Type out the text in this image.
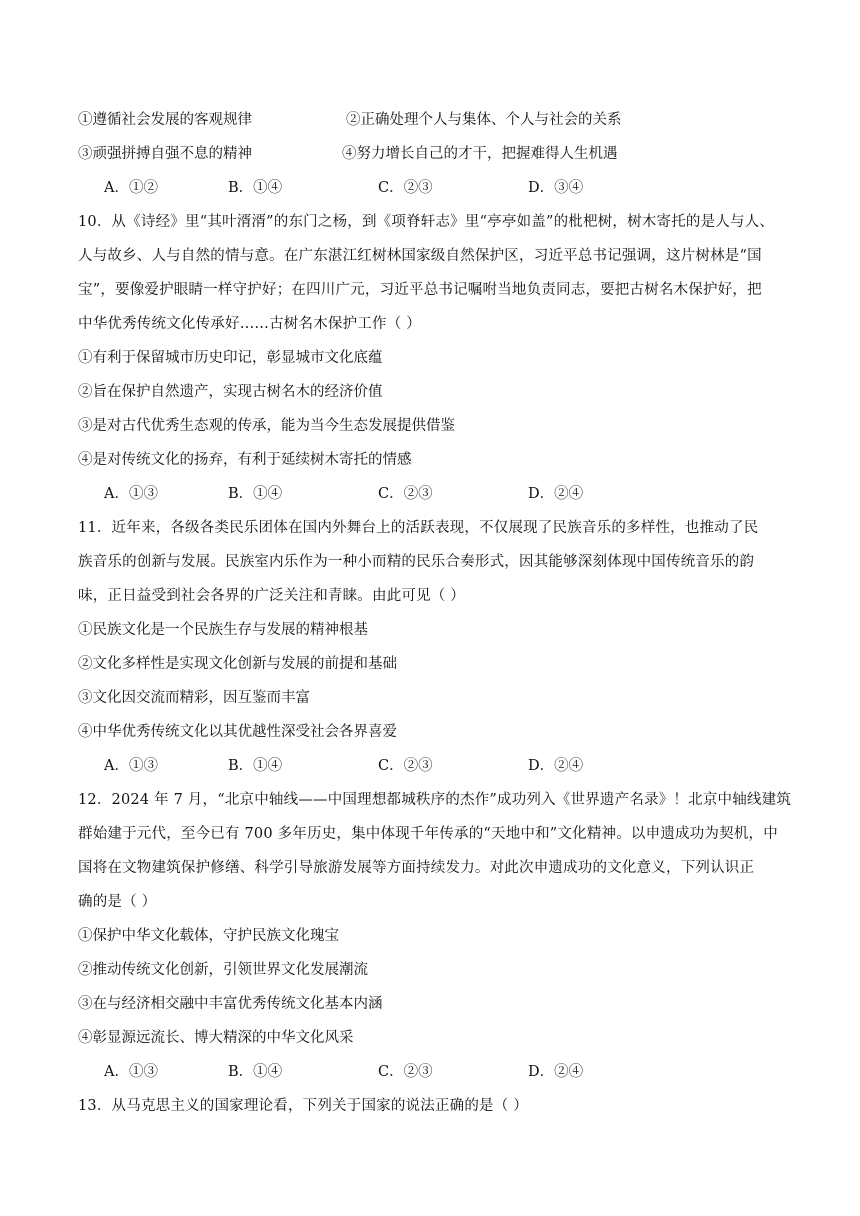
①遵循社会发展的客观规律	②正确处理个人与集体、个人与社会的关系
③顽强拼搏自强不息的精神	④努力增长自己的才干，把握难得人生机遇
A．①②	B．①④	C．②③	D．③④
10．从《诗经》里“其叶湑湑”的东门之杨，到《项脊轩志》里“亭亭如盖”的枇杷树，树木寄托的是人与人、
人与故乡、人与自然的情与意。在广东湛江红树林国家级自然保护区，习近平总书记强调，这片树林是“国
宝”，要像爱护眼睛一样守护好；在四川广元，习近平总书记嘱咐当地负责同志，要把古树名木保护好，把
中华优秀传统文化传承好……古树名木保护工作（ ）
①有利于保留城市历史印记，彰显城市文化底蕴
②旨在保护自然遗产，实现古树名木的经济价值
③是对古代优秀生态观的传承，能为当今生态发展提供借鉴
④是对传统文化的扬弃，有利于延续树木寄托的情感
A．①③	B．①④	C．②③	D．②④
11．近年来，各级各类民乐团体在国内外舞台上的活跃表现，不仅展现了民族音乐的多样性，也推动了民
族音乐的创新与发展。民族室内乐作为一种小而精的民乐合奏形式，因其能够深刻体现中国传统音乐的韵
味，正日益受到社会各界的广泛关注和青睐。由此可见（ ）
①民族文化是一个民族生存与发展的精神根基
②文化多样性是实现文化创新与发展的前提和基础
③文化因交流而精彩，因互鉴而丰富
④中华优秀传统文化以其优越性深受社会各界喜爱
A．①③	B．①④	C．②③	D．②④
12．2024 年 7 月，“北京中轴线——中国理想都城秩序的杰作”成功列入《世界遗产名录》！北京中轴线建筑
群始建于元代，至今已有 700 多年历史，集中体现千年传承的“天地中和”文化精神。以申遗成功为契机，中
国将在文物建筑保护修缮、科学引导旅游发展等方面持续发力。对此次申遗成功的文化意义，下列认识正
确的是（ ）
①保护中华文化载体，守护民族文化瑰宝
②推动传统文化创新，引领世界文化发展潮流
③在与经济相交融中丰富优秀传统文化基本内涵
④彰显源远流长、博大精深的中华文化风采
A．①③	B．①④	C．②③	D．②④
13．从马克思主义的国家理论看，下列关于国家的说法正确的是（ ）
